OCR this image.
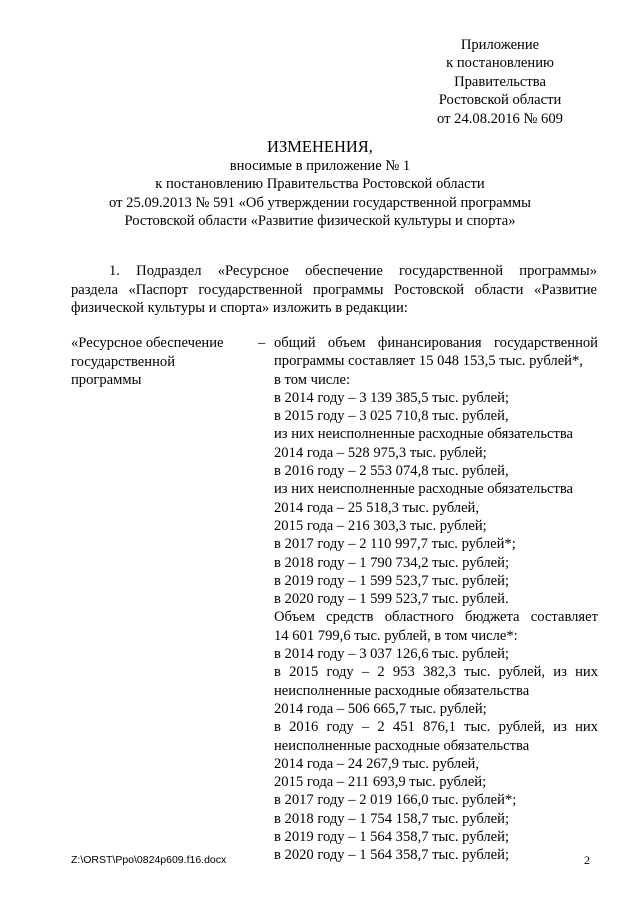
Приложение
к постановлению
Правительства
Ростовской области
от 24.08.2016 № 609
ИЗМЕНЕНИЯ,
вносимые в приложение № 1
к постановлению Правительства Ростовской области
от 25.09.2013 № 591 «Об утверждении государственной программы
Ростовской области «Развитие физической культуры и спорта»
1. Подраздел «Ресурсное обеспечение государственной программы»
раздела «Паспорт государственной программы Ростовской области «Развитие
физической культуры и спорта» изложить в редакции:
«Ресурсное обеспечение
государственной
программы
– общий объем финансирования государственной
программы составляет 15 048 153,5 тыс. рублей*,
в том числе:
в 2014 году – 3 139 385,5 тыс. рублей;
в 2015 году – 3 025 710,8 тыс. рублей,
из них неисполненные расходные обязательства
2014 года – 528 975,3 тыс. рублей;
в 2016 году – 2 553 074,8 тыс. рублей,
из них неисполненные расходные обязательства
2014 года – 25 518,3 тыс. рублей,
2015 года – 216 303,3 тыс. рублей;
в 2017 году – 2 110 997,7 тыс. рублей*;
в 2018 году – 1 790 734,2 тыс. рублей;
в 2019 году – 1 599 523,7 тыс. рублей;
в 2020 году – 1 599 523,7 тыс. рублей.
Объем средств областного бюджета составляет
14 601 799,6 тыс. рублей, в том числе*:
в 2014 году – 3 037 126,6 тыс. рублей;
в 2015 году – 2 953 382,3 тыс. рублей, из них
неисполненные расходные обязательства
2014 года – 506 665,7 тыс. рублей;
в 2016 году – 2 451 876,1 тыс. рублей, из них
неисполненные расходные обязательства
2014 года – 24 267,9 тыс. рублей,
2015 года – 211 693,9 тыс. рублей;
в 2017 году – 2 019 166,0 тыс. рублей*;
в 2018 году – 1 754 158,7 тыс. рублей;
в 2019 году – 1 564 358,7 тыс. рублей;
в 2020 году – 1 564 358,7 тыс. рублей;
Z:\ORST\Ppo\0824p609.f16.docx	2
